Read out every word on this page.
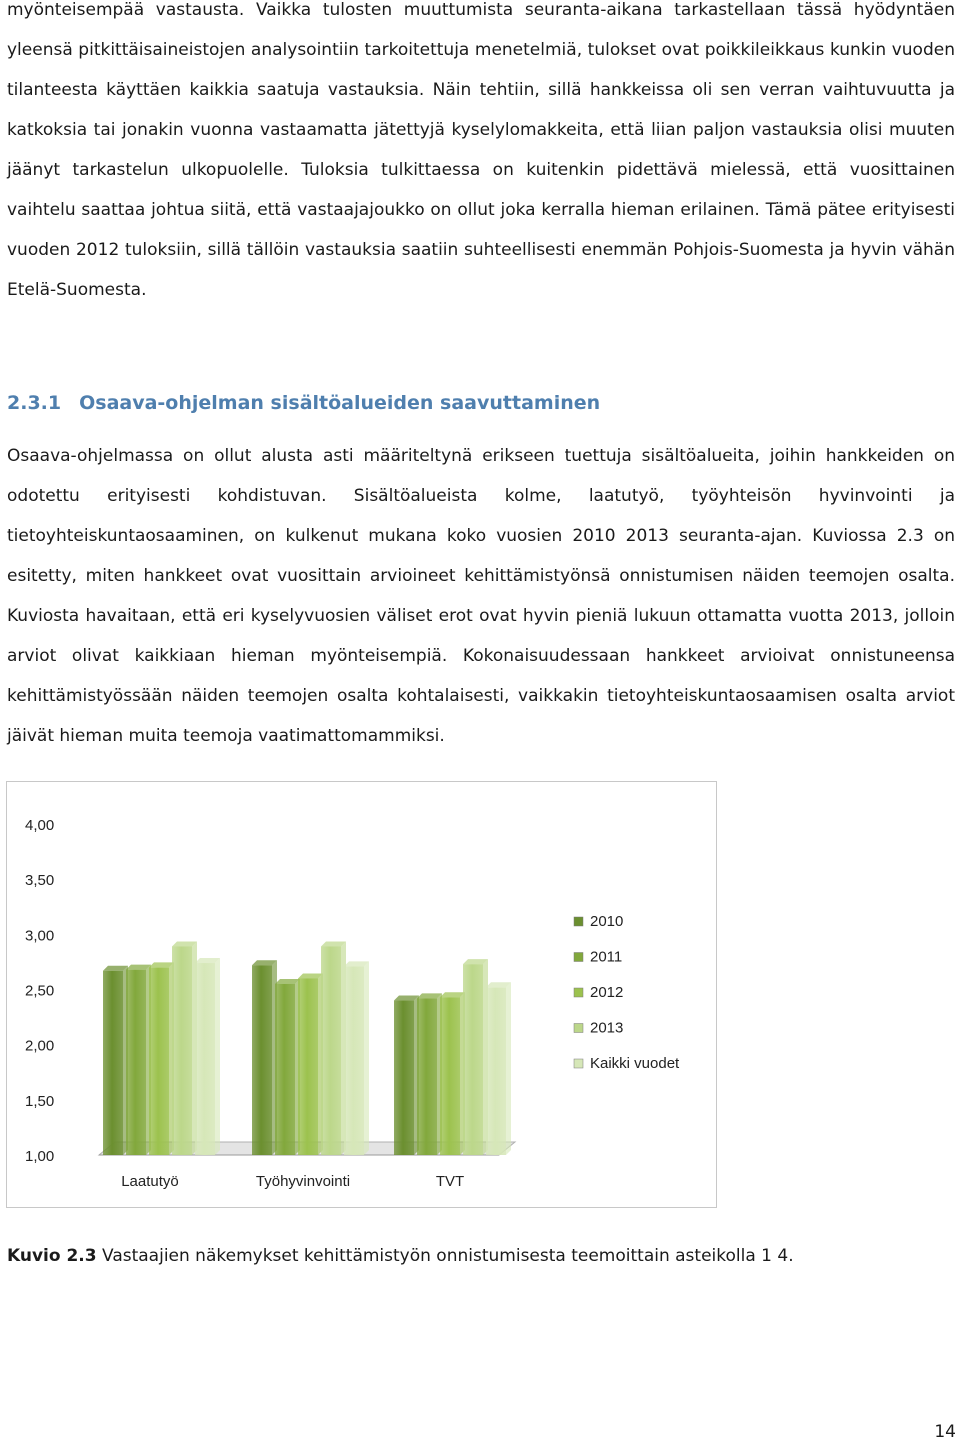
myönteisempää vastausta. Vaikka tulosten muuttumista seuranta-aikana tarkastellaan tässä hyödyntäen yleensä pitkittäisaineistojen analysointiin tarkoitettuja menetelmiä, tulokset ovat poikkileikkaus kunkin vuoden tilanteesta käyttäen kaikkia saatuja vastauksia. Näin tehtiin, sillä hankkeissa oli sen verran vaihtuvuutta ja katkoksia tai jonakin vuonna vastaamatta jätettyjä kyselylomakkeita, että liian paljon vastauksia olisi muuten jäänyt tarkastelun ulkopuolelle. Tuloksia tulkittaessa on kuitenkin pidettävä mielessä, että vuosittainen vaihtelu saattaa johtua siitä, että vastaajajoukko on ollut joka kerralla hieman erilainen. Tämä pätee erityisesti vuoden 2012 tuloksiin, sillä tällöin vastauksia saatiin suhteellisesti enemmän Pohjois-Suomesta ja hyvin vähän Etelä-Suomesta.

2.3.1 Osaava-ohjelman sisältöalueiden saavuttaminen

Osaava-ohjelmassa on ollut alusta asti määriteltynä erikseen tuettuja sisältöalueita, joihin hankkeiden on odotettu erityisesti kohdistuvan. Sisältöalueista kolme, laatutyö, työyhteisön hyvinvointi ja tietoyhteiskuntaosaaminen, on kulkenut mukana koko vuosien 2010 2013 seuranta-ajan. Kuviossa 2.3 on esitetty, miten hankkeet ovat vuosittain arvioineet kehittämistyönsä onnistumisen näiden teemojen osalta. Kuviosta havaitaan, että eri kyselyvuosien väliset erot ovat hyvin pieniä lukuun ottamatta vuotta 2013, jolloin arviot olivat kaikkiaan hieman myönteisempiä. Kokonaisuudessaan hankkeet arvioivat onnistuneensa kehittämistyössään näiden teemojen osalta kohtalaisesti, vaikkakin tietoyhteiskuntaosaamisen osalta arviot jäivät hieman muita teemoja vaatimattomammiksi.

4,00
3,50
3,00
2,50
2,00
1,50
1,00
Laatutyö	Työhyvinvointi	TVT
2010
2011
2012
2013
Kaikki vuodet

Kuvio 2.3 Vastaajien näkemykset kehittämistyön onnistumisesta teemoittain asteikolla 1 4.

14
